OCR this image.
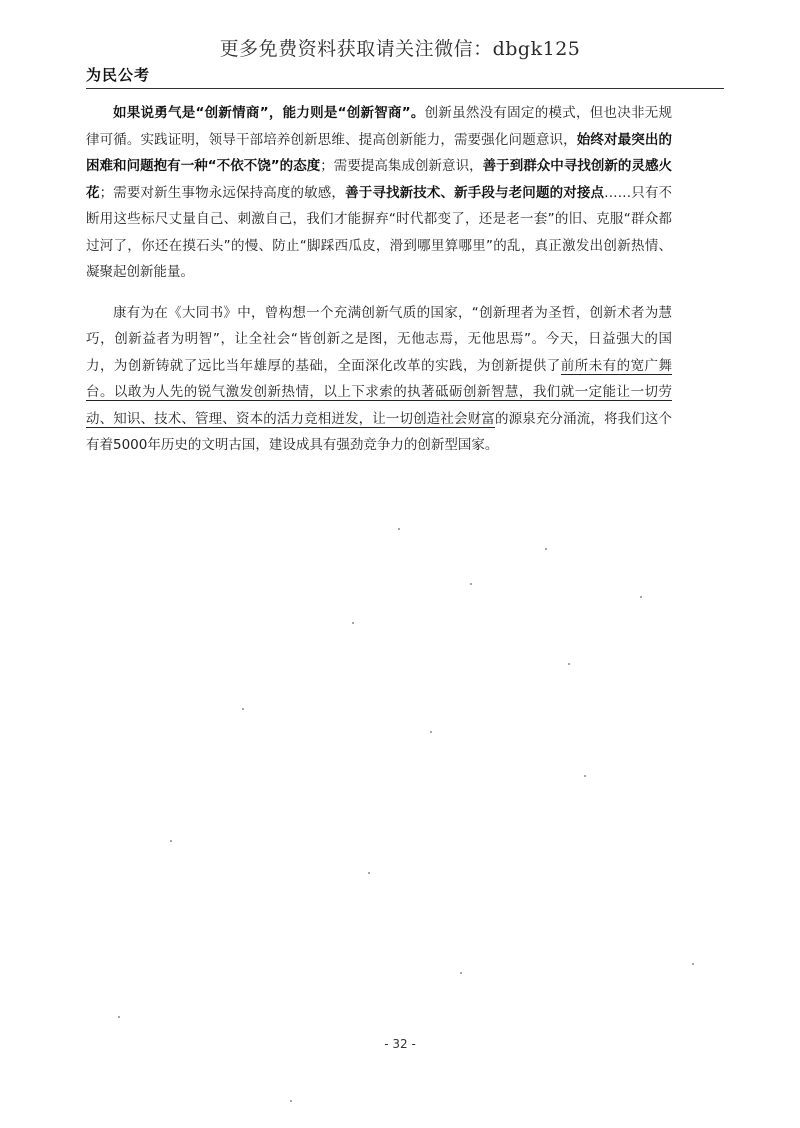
更多免费资料获取请关注微信：dbgk125
为民公考

如果说勇气是“创新情商”，能力则是“创新智商”。创新虽然没有固定的模式，但也决非无规律可循。实践证明，领导干部培养创新思维、提高创新能力，需要强化问题意识，始终对最突出的困难和问题抱有一种“不依不饶”的态度；需要提高集成创新意识，善于到群众中寻找创新的灵感火花；需要对新生事物永远保持高度的敏感，善于寻找新技术、新手段与老问题的对接点……只有不断用这些标尺丈量自己、刺激自己，我们才能摒弃“时代都变了，还是老一套”的旧、克服“群众都过河了，你还在摸石头”的慢、防止“脚踩西瓜皮，滑到哪里算哪里”的乱，真正激发出创新热情、凝聚起创新能量。

康有为在《大同书》中，曾构想一个充满创新气质的国家，“创新理者为圣哲，创新术者为慧巧，创新益者为明智”，让全社会“皆创新之是图，无他志焉，无他思焉”。今天，日益强大的国力，为创新铸就了远比当年雄厚的基础，全面深化改革的实践，为创新提供了前所未有的宽广舞台。以敢为人先的锐气激发创新热情，以上下求索的执著砥砺创新智慧，我们就一定能让一切劳动、知识、技术、管理、资本的活力竞相迸发，让一切创造社会财富的源泉充分涌流，将我们这个有着5000年历史的文明古国，建设成具有强劲竞争力的创新型国家。

- 32 -
